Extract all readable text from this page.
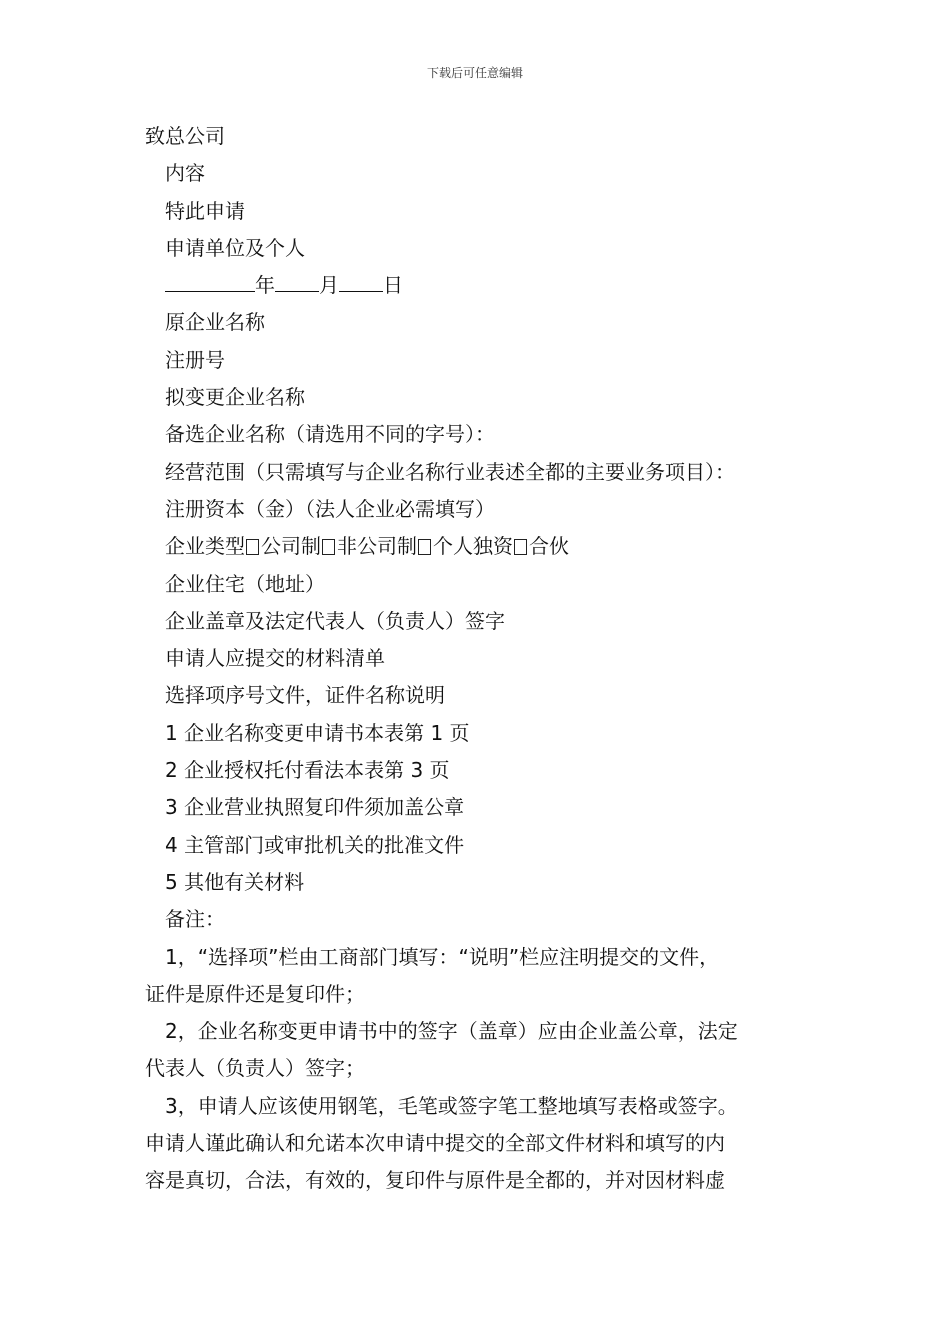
下载后可任意编辑
致总公司
内容
特此申请
申请单位及个人
年 月 日
原企业名称
注册号
拟变更企业名称
备选企业名称（请选用不同的字号）：
经营范围（只需填写与企业名称行业表述全都的主要业务项目）：
注册资本（金）（法人企业必需填写）
企业类型 公司制 非公司制 个人独资 合伙
企业住宅（地址）
企业盖章及法定代表人（负责人）签字
申请人应提交的材料清单
选择项序号文件，证件名称说明
1 企业名称变更申请书本表第 1 页
2 企业授权托付看法本表第 3 页
3 企业营业执照复印件须加盖公章
4 主管部门或审批机关的批准文件
5 其他有关材料
备注：
1，“选择项”栏由工商部门填写：“说明”栏应注明提交的文件，
证件是原件还是复印件；
2，企业名称变更申请书中的签字（盖章）应由企业盖公章，法定
代表人（负责人）签字；
3，申请人应该使用钢笔，毛笔或签字笔工整地填写表格或签字。
申请人谨此确认和允诺本次申请中提交的全部文件材料和填写的内
容是真切，合法，有效的，复印件与原件是全都的，并对因材料虚
